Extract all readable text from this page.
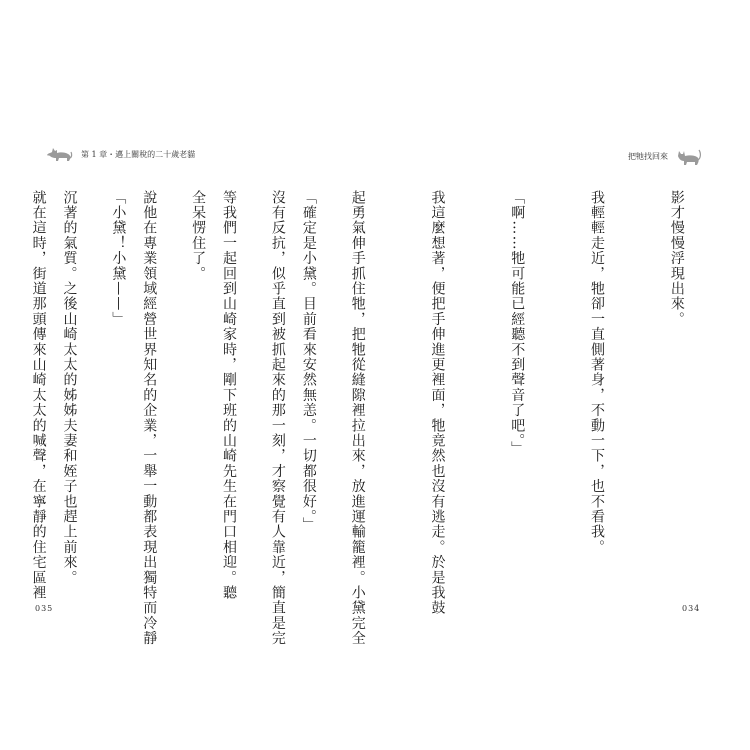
第 1 章・邁上關稅的二十歲老貓

「確定是小黛。目前看來安然無恙。一切都很好。」

等我們一起回到山崎家時，剛下班的山崎先生在門口相迎。聽

說他在專業領域經營世界知名的企業，一舉一動都表現出獨特而冷靜

沉著的氣質。之後山崎太太的姊姊夫妻和姪子也趕上前來。

035
把牠找回來

影才慢慢浮現出來。

我輕輕走近，牠卻一直側著身，不動一下，也不看我。

「啊……牠可能已經聽不到聲音了吧。」

我這麼想著，便把手伸進更裡面，牠竟然也沒有逃走。於是我鼓

起勇氣伸手抓住牠，把牠從縫隙裡拉出來，放進運輸籠裡。小黛完全

沒有反抗，似乎直到被抓起來的那一刻，才察覺有人靠近，簡直是完

全呆愣住了。

「小黛！小黛——」

就在這時，街道那頭傳來山崎太太的喊聲，在寧靜的住宅區裡

034
